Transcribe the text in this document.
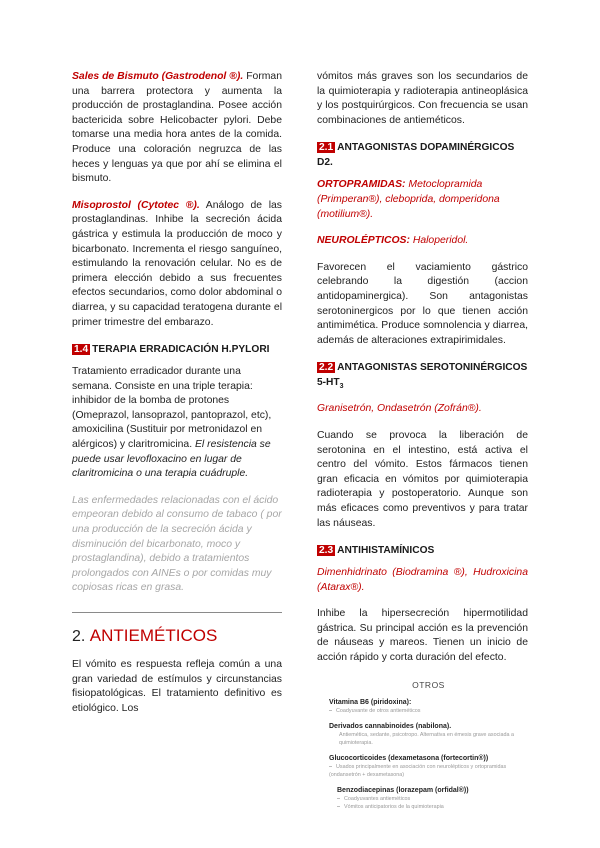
Sales de Bismuto (Gastrodenol ®). Forman una barrera protectora y aumenta la producción de prostaglandina. Posee acción bactericida sobre Helicobacter pylori. Debe tomarse una media hora antes de la comida. Produce una coloración negruzca de las heces y lenguas ya que por ahí se elimina el bismuto.

Misoprostol (Cytotec ®). Análogo de las prostaglandinas. Inhibe la secreción ácida gástrica y estimula la producción de moco y bicarbonato. Incrementa el riesgo sanguíneo, estimulando la renovación celular. No es de primera elección debido a sus frecuentes efectos secundarios, como dolor abdominal o diarrea, y su capacidad teratogena durante el primer trimestre del embarazo.

1.4 TERAPIA ERRADICACIÓN H.PYLORI

Tratamiento erradicador durante una semana. Consiste en una triple terapia: inhibidor de la bomba de protones (Omeprazol, lansoprazol, pantoprazol, etc), amoxicilina (Sustituir por metronidazol en alérgicos) y claritromicina. El resistencia se puede usar levofloxacino en lugar de claritromicina o una terapia cuádruple.

Las enfermedades relacionadas con el ácido empeoran debido al consumo de tabaco ( por una producción de la secreción ácida y disminución del bicarbonato, moco y prostaglandina), debido a tratamientos prolongados con AINEs o por comidas muy copiosas ricas en grasa.

2. ANTIEMÉTICOS

El vómito es respuesta refleja común a una gran variedad de estímulos y circunstancias fisiopatológicas. El tratamiento definitivo es etiológico. Los

vómitos más graves son los secundarios de la quimioterapia y radioterapia antineoplásica y los postquirúrgicos. Con frecuencia se usan combinaciones de antieméticos.

2.1 ANTAGONISTAS DOPAMINÉRGICOS D2.

ORTOPRAMIDAS: Metoclopramida (Primperan®), cleboprida, domperidona (motilium®).

NEUROLÉPTICOS: Haloperidol.

Favorecen el vaciamiento gástrico celebrando la digestión (accion antidopaminergica). Son antagonistas serotoninergicos por lo que tienen acción antimimética. Produce somnolencia y diarrea, además de alteraciones extrapirimidales.

2.2 ANTAGONISTAS SEROTONINÉRGICOS $5-HT_3$

Granisetrón, Ondasetrón (Zofrán®).

Cuando se provoca la liberación de serotonina en el intestino, está activa el centro del vómito. Estos fármacos tienen gran eficacia en vómitos por quimioterapia radioterapia y postoperatorio. Aunque son más eficaces como preventivos y para tratar las náuseas.

2.3 ANTIHISTAMÍNICOS

Dimenhidrinato (Biodramina ®), Hudroxicina (Atarax®).

Inhibe la hipersecreción hipermotilidad gástrica. Su principal acción es la prevención de náuseas y mareos. Tienen un inicio de acción rápido y corta duración del efecto.

OTROS
Vitamina B6 (piridoxina):
– Coadyuvante de otros antieméticos
Derivados cannabinoides (nabilona).
Antiemética, sedante, psicotropo. Alternativa en émesis grave asociada a quimioterapia.
Glucocorticoides (dexametasona (fortecortin®))
– Usados principalmente en asociación con neurolépticos y ortopramidas (ondansetrón + dexametasona)
Benzodiacepinas (lorazepam (orfidal®))
– Coadyuvantes antieméticos
– Vómitos anticipatorios de la quimioterapia
